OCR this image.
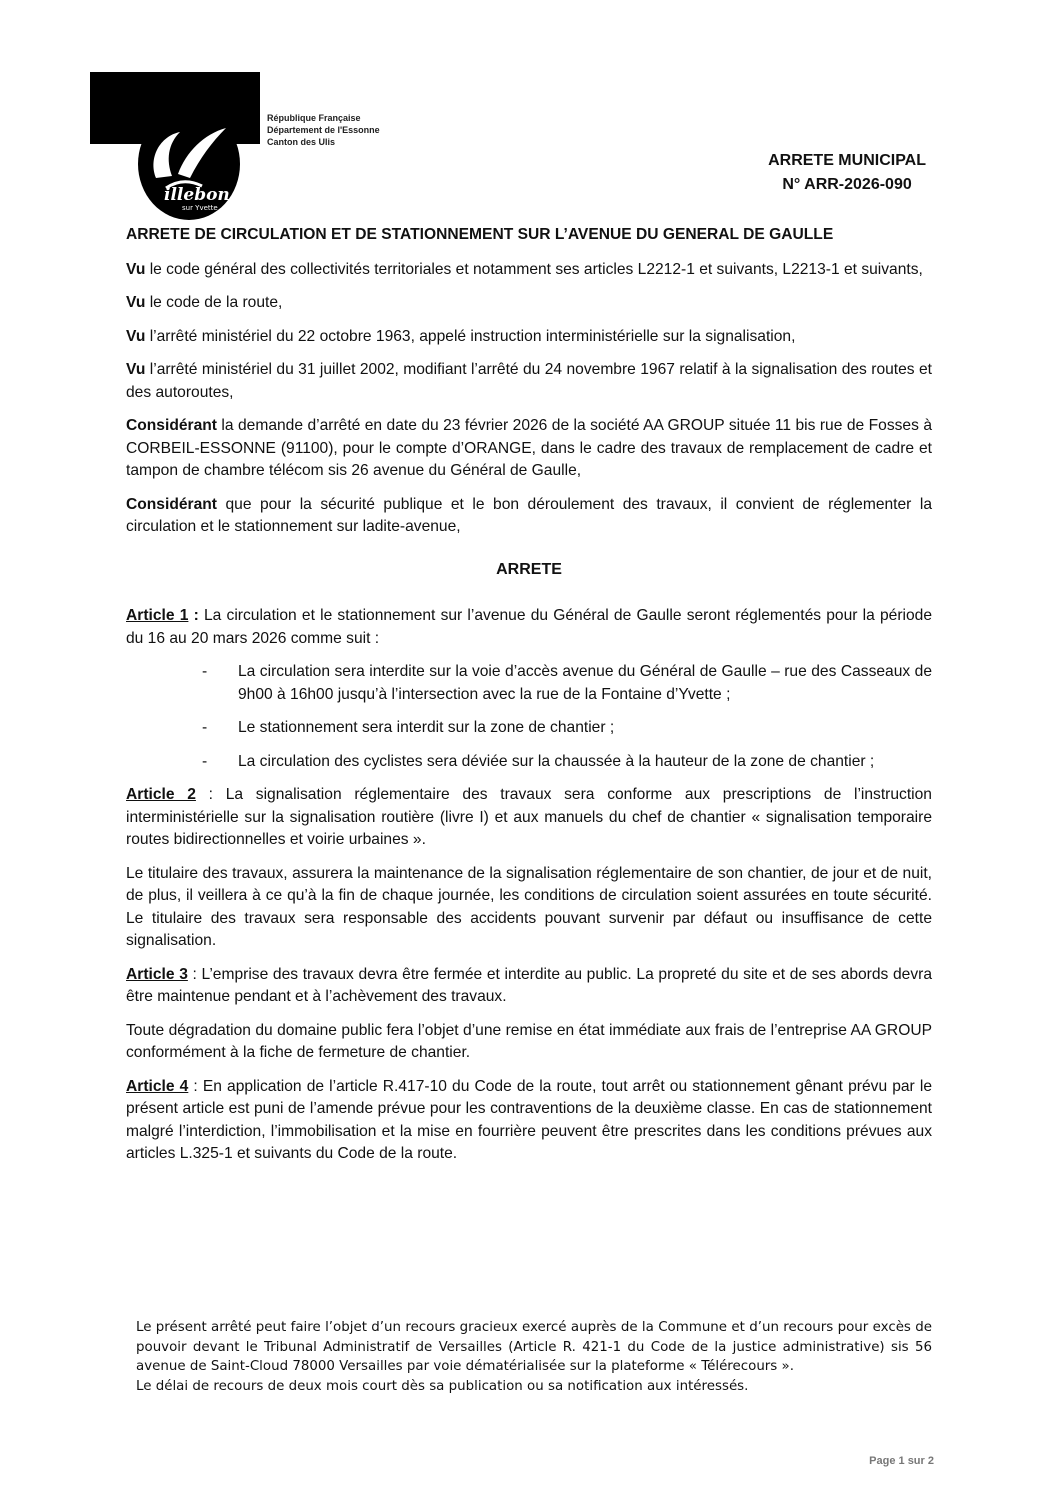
illebon
sur Yvette
République Française
Département de l'Essonne
Canton des Ulis
ARRETE MUNICIPAL
N° ARR-2026-090

ARRETE DE CIRCULATION ET DE STATIONNEMENT SUR L’AVENUE DU GENERAL DE GAULLE

Vu le code général des collectivités territoriales et notamment ses articles L2212-1 et suivants, L2213-1 et suivants,

Vu le code de la route,

Vu l’arrêté ministériel du 22 octobre 1963, appelé instruction interministérielle sur la signalisation,

Vu l’arrêté ministériel du 31 juillet 2002, modifiant l’arrêté du 24 novembre 1967 relatif à la signalisation des routes et des autoroutes,

Considérant la demande d’arrêté en date du 23 février 2026 de la société AA GROUP située 11 bis rue de Fosses à CORBEIL-ESSONNE (91100), pour le compte d’ORANGE, dans le cadre des travaux de remplacement de cadre et tampon de chambre télécom sis 26 avenue du Général de Gaulle,

Considérant que pour la sécurité publique et le bon déroulement des travaux, il convient de réglementer la circulation et le stationnement sur ladite-avenue,

ARRETE

Article 1 : La circulation et le stationnement sur l’avenue du Général de Gaulle seront réglementés pour la période du 16 au 20 mars 2026 comme suit :

- La circulation sera interdite sur la voie d’accès avenue du Général de Gaulle – rue des Casseaux de 9h00 à 16h00 jusqu’à l’intersection avec la rue de la Fontaine d’Yvette ;
- Le stationnement sera interdit sur la zone de chantier ;
- La circulation des cyclistes sera déviée sur la chaussée à la hauteur de la zone de chantier ;

Article 2 : La signalisation réglementaire des travaux sera conforme aux prescriptions de l’instruction interministérielle sur la signalisation routière (livre I) et aux manuels du chef de chantier « signalisation temporaire routes bidirectionnelles et voirie urbaines ».

Le titulaire des travaux, assurera la maintenance de la signalisation réglementaire de son chantier, de jour et de nuit, de plus, il veillera à ce qu’à la fin de chaque journée, les conditions de circulation soient assurées en toute sécurité. Le titulaire des travaux sera responsable des accidents pouvant survenir par défaut ou insuffisance de cette signalisation.

Article 3 : L’emprise des travaux devra être fermée et interdite au public. La propreté du site et de ses abords devra être maintenue pendant et à l’achèvement des travaux.

Toute dégradation du domaine public fera l’objet d’une remise en état immédiate aux frais de l’entreprise AA GROUP conformément à la fiche de fermeture de chantier.

Article 4 : En application de l’article R.417-10 du Code de la route, tout arrêt ou stationnement gênant prévu par le présent article est puni de l’amende prévue pour les contraventions de la deuxième classe. En cas de stationnement malgré l’interdiction, l’immobilisation et la mise en fourrière peuvent être prescrites dans les conditions prévues aux articles L.325-1 et suivants du Code de la route.

Le présent arrêté peut faire l’objet d’un recours gracieux exercé auprès de la Commune et d’un recours pour excès de pouvoir devant le Tribunal Administratif de Versailles (Article R. 421-1 du Code de la justice administrative) sis 56 avenue de Saint-Cloud 78000 Versailles par voie dématérialisée sur la plateforme « Télérecours ».

Le délai de recours de deux mois court dès sa publication ou sa notification aux intéressés.

Page 1 sur 2
